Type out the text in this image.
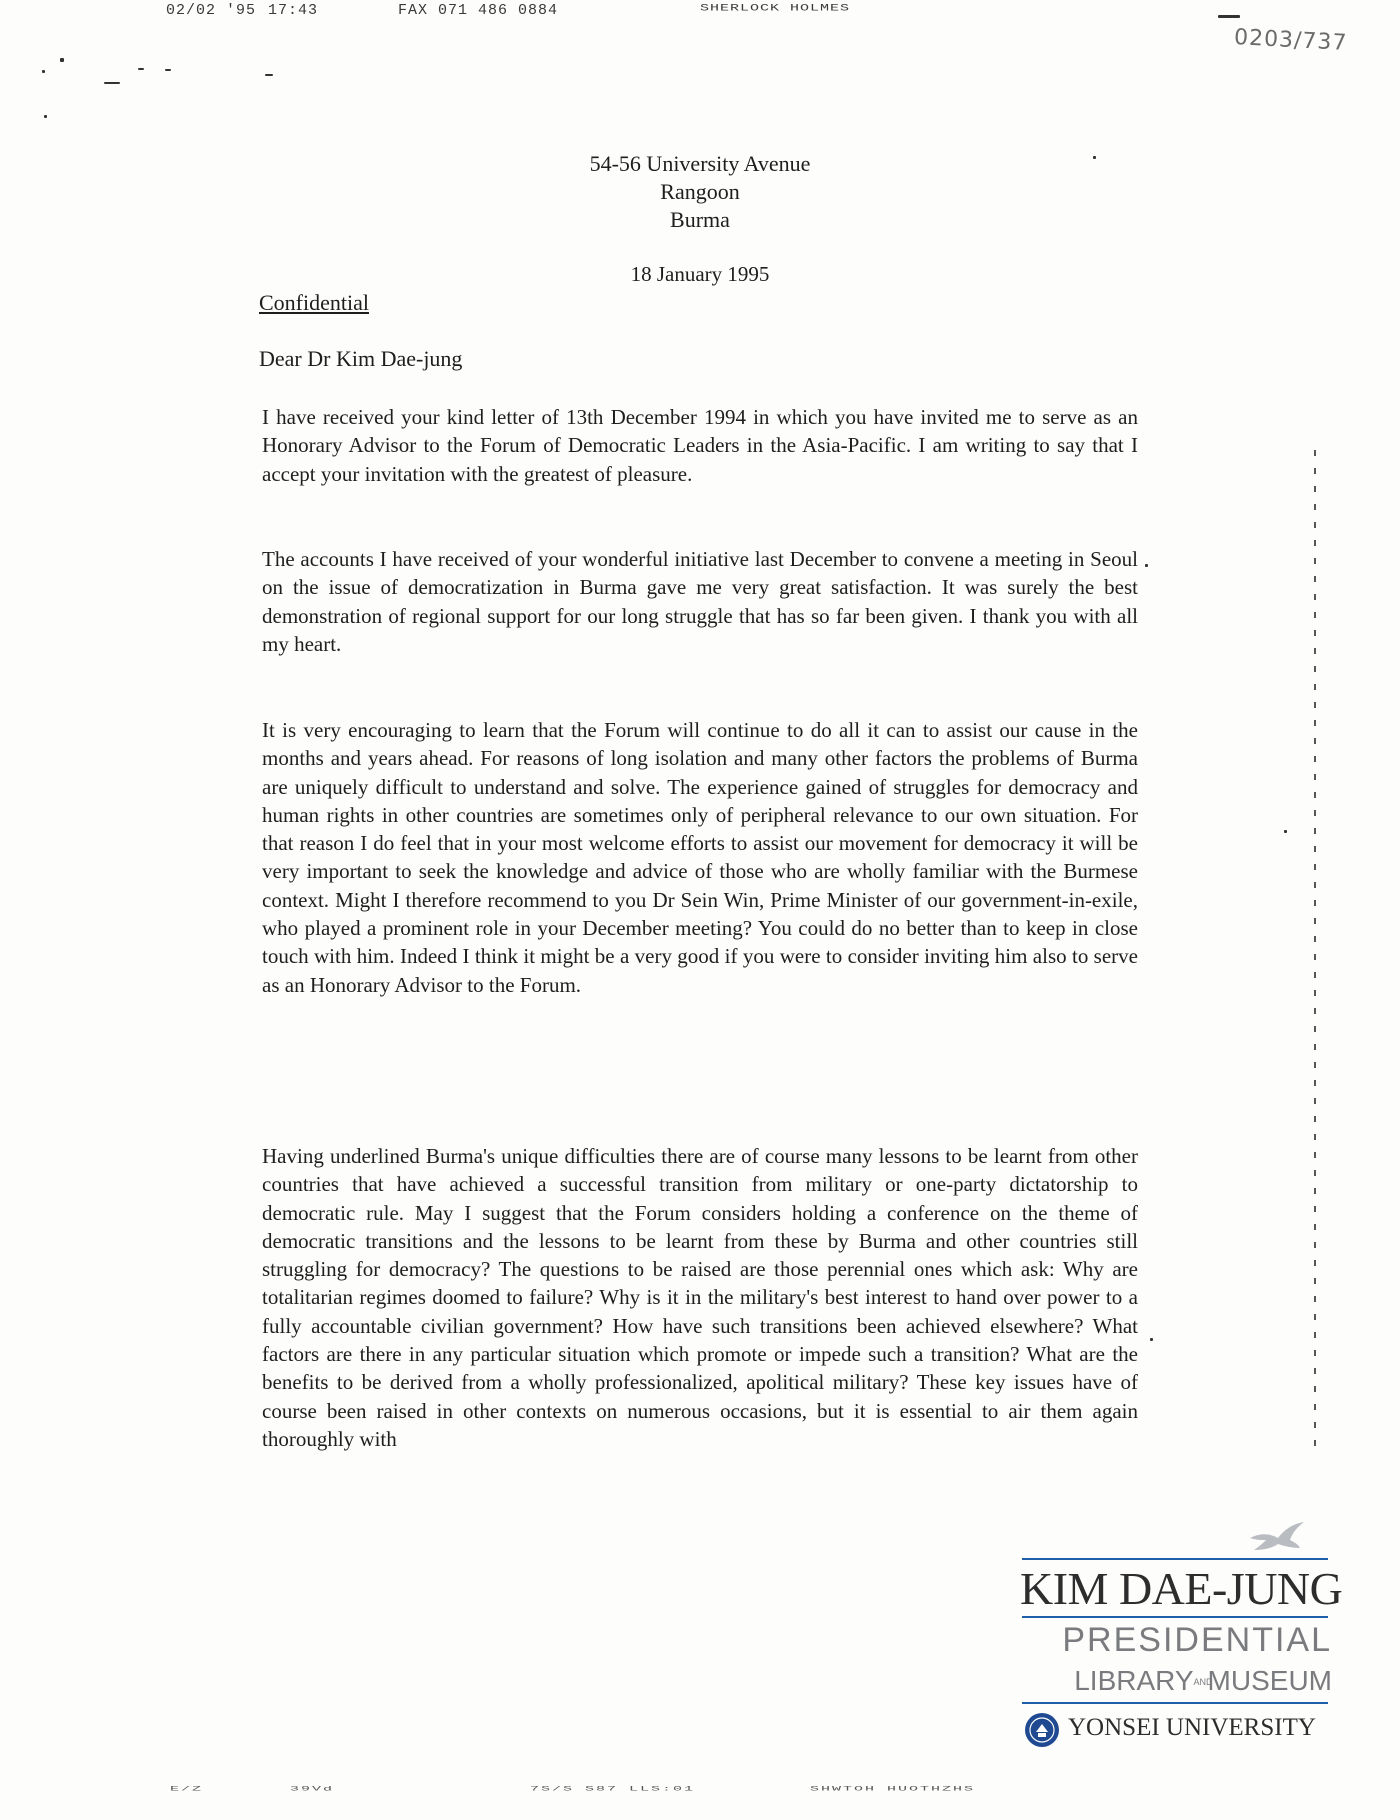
02/02 '95 17:43	FAX 071 486 0884	SHERLOCK HOLMES
0203/737
54-56 University Avenue
Rangoon
Burma
18 January 1995
Confidential
Dear Dr Kim Dae-jung

I have received your kind letter of 13th December 1994 in which you have invited me to serve as an Honorary Advisor to the Forum of Democratic Leaders in the Asia-Pacific. I am writing to say that I accept your invitation with the greatest of pleasure.

The accounts I have received of your wonderful initiative last December to convene a meeting in Seoul on the issue of democratization in Burma gave me very great satisfaction. It was surely the best demonstration of regional support for our long struggle that has so far been given. I thank you with all my heart.

It is very encouraging to learn that the Forum will continue to do all it can to assist our cause in the months and years ahead. For reasons of long isolation and many other factors the problems of Burma are uniquely difficult to understand and solve. The experience gained of struggles for democracy and human rights in other countries are sometimes only of peripheral relevance to our own situation. For that reason I do feel that in your most welcome efforts to assist our movement for democracy it will be very important to seek the knowledge and advice of those who are wholly familiar with the Burmese context. Might I therefore recommend to you Dr Sein Win, Prime Minister of our government-in-exile, who played a prominent role in your December meeting? You could do no better than to keep in close touch with him. Indeed I think it might be a very good if you were to consider inviting him also to serve as an Honorary Advisor to the Forum.

Having underlined Burma's unique difficulties there are of course many lessons to be learnt from other countries that have achieved a successful transition from military or one-party dictatorship to democratic rule. May I suggest that the Forum considers holding a conference on the theme of democratic transitions and the lessons to be learnt from these by Burma and other countries still struggling for democracy? The questions to be raised are those perennial ones which ask: Why are totalitarian regimes doomed to failure? Why is it in the military's best interest to hand over power to a fully accountable civilian government? How have such transitions been achieved elsewhere? What factors are there in any particular situation which promote or impede such a transition? What are the benefits to be derived from a wholly professionalized, apolitical military? These key issues have of course been raised in other contexts on numerous occasions, but it is essential to air them again thoroughly with

KIM DAE-JUNG
PRESIDENTIAL
LIBRARYANDMUSEUM
YONSEI UNIVERSITY
E/Z	39Vd	7S/S S87 LLS:01	SHWTOH HUOTHZHS
